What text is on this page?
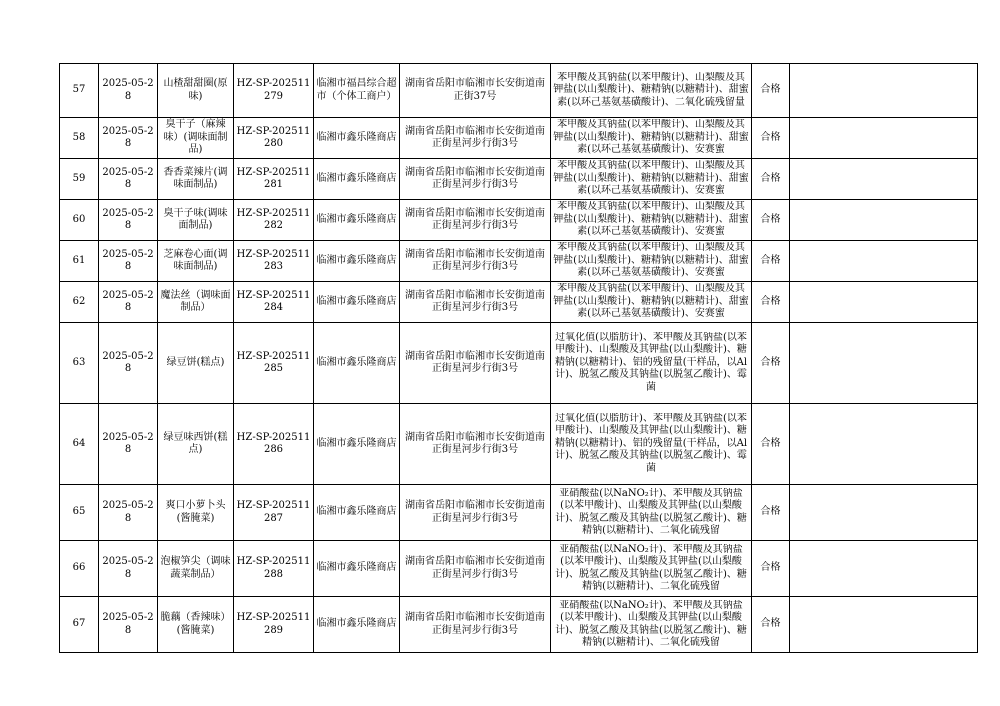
57	2025-05-28	山楂甜甜圈(原味)	HZ-SP-202511279	临湘市福昌综合超市（个体工商户）	湖南省岳阳市临湘市长安街道南正街37号	苯甲酸及其钠盐(以苯甲酸计)、山梨酸及其钾盐(以山梨酸计)、糖精钠(以糖精计)、甜蜜素(以环己基氨基磺酸计)、二氧化硫残留量	合格	
58	2025-05-28	臭干子（麻辣味）(调味面制品)	HZ-SP-202511280	临湘市鑫乐隆商店	湖南省岳阳市临湘市长安街道南正街星河步行街3号	苯甲酸及其钠盐(以苯甲酸计)、山梨酸及其钾盐(以山梨酸计)、糖精钠(以糖精计)、甜蜜素(以环己基氨基磺酸计)、安赛蜜	合格	
59	2025-05-28	香香菜辣片(调味面制品)	HZ-SP-202511281	临湘市鑫乐隆商店	湖南省岳阳市临湘市长安街道南正街星河步行街3号	苯甲酸及其钠盐(以苯甲酸计)、山梨酸及其钾盐(以山梨酸计)、糖精钠(以糖精计)、甜蜜素(以环己基氨基磺酸计)、安赛蜜	合格	
60	2025-05-28	臭干子味(调味面制品)	HZ-SP-202511282	临湘市鑫乐隆商店	湖南省岳阳市临湘市长安街道南正街星河步行街3号	苯甲酸及其钠盐(以苯甲酸计)、山梨酸及其钾盐(以山梨酸计)、糖精钠(以糖精计)、甜蜜素(以环己基氨基磺酸计)、安赛蜜	合格	
61	2025-05-28	芝麻卷心面(调味面制品)	HZ-SP-202511283	临湘市鑫乐隆商店	湖南省岳阳市临湘市长安街道南正街星河步行街3号	苯甲酸及其钠盐(以苯甲酸计)、山梨酸及其钾盐(以山梨酸计)、糖精钠(以糖精计)、甜蜜素(以环己基氨基磺酸计)、安赛蜜	合格	
62	2025-05-28	魔法丝（调味面制品）	HZ-SP-202511284	临湘市鑫乐隆商店	湖南省岳阳市临湘市长安街道南正街星河步行街3号	苯甲酸及其钠盐(以苯甲酸计)、山梨酸及其钾盐(以山梨酸计)、糖精钠(以糖精计)、甜蜜素(以环己基氨基磺酸计)、安赛蜜	合格	
63	2025-05-28	绿豆饼(糕点)	HZ-SP-202511285	临湘市鑫乐隆商店	湖南省岳阳市临湘市长安街道南正街星河步行街3号	过氧化值(以脂肪计)、苯甲酸及其钠盐(以苯甲酸计)、山梨酸及其钾盐(以山梨酸计)、糖精钠(以糖精计)、铝的残留量(干样品，以Al计)、脱氢乙酸及其钠盐(以脱氢乙酸计)、霉菌	合格	
64	2025-05-28	绿豆味西饼(糕点)	HZ-SP-202511286	临湘市鑫乐隆商店	湖南省岳阳市临湘市长安街道南正街星河步行街3号	过氧化值(以脂肪计)、苯甲酸及其钠盐(以苯甲酸计)、山梨酸及其钾盐(以山梨酸计)、糖精钠(以糖精计)、铝的残留量(干样品，以Al计)、脱氢乙酸及其钠盐(以脱氢乙酸计)、霉菌	合格	
65	2025-05-28	爽口小萝卜头(酱腌菜)	HZ-SP-202511287	临湘市鑫乐隆商店	湖南省岳阳市临湘市长安街道南正街星河步行街3号	亚硝酸盐(以NaNO₂计)、苯甲酸及其钠盐(以苯甲酸计)、山梨酸及其钾盐(以山梨酸计)、脱氢乙酸及其钠盐(以脱氢乙酸计)、糖精钠(以糖精计)、二氧化硫残留	合格	
66	2025-05-28	泡椒笋尖（调味蔬菜制品）	HZ-SP-202511288	临湘市鑫乐隆商店	湖南省岳阳市临湘市长安街道南正街星河步行街3号	亚硝酸盐(以NaNO₂计)、苯甲酸及其钠盐(以苯甲酸计)、山梨酸及其钾盐(以山梨酸计)、脱氢乙酸及其钠盐(以脱氢乙酸计)、糖精钠(以糖精计)、二氧化硫残留	合格	
67	2025-05-28	脆藕（香辣味）(酱腌菜)	HZ-SP-202511289	临湘市鑫乐隆商店	湖南省岳阳市临湘市长安街道南正街星河步行街3号	亚硝酸盐(以NaNO₂计)、苯甲酸及其钠盐(以苯甲酸计)、山梨酸及其钾盐(以山梨酸计)、脱氢乙酸及其钠盐(以脱氢乙酸计)、糖精钠(以糖精计)、二氧化硫残留	合格	
